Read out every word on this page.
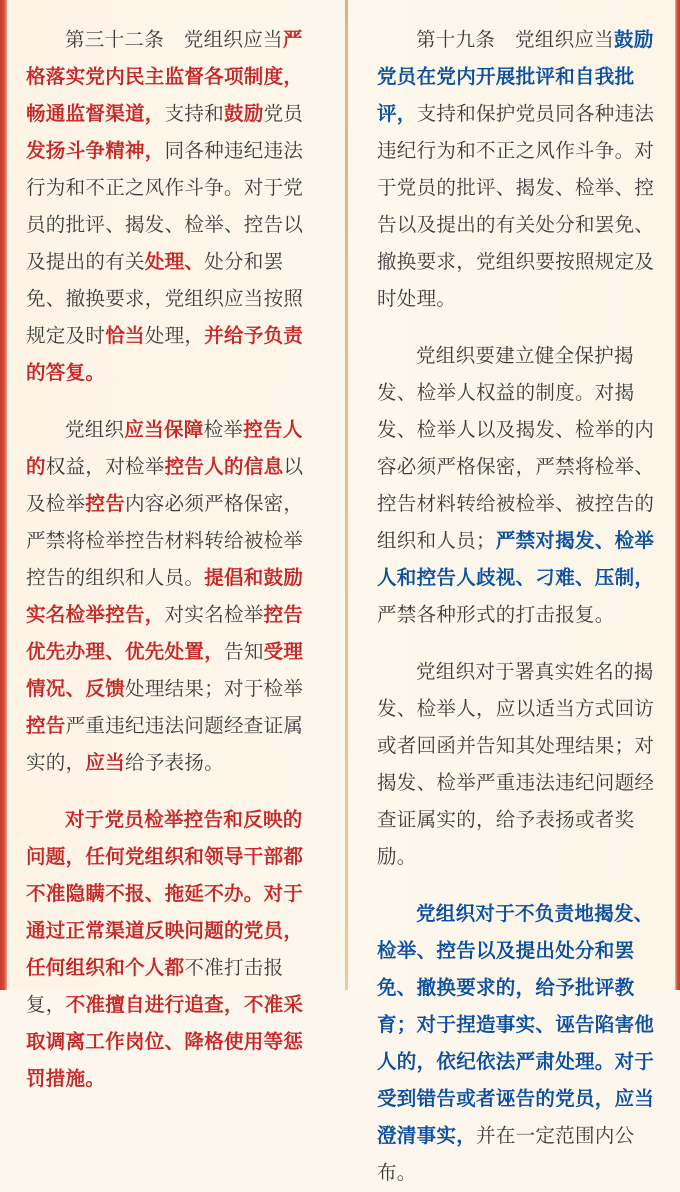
第三十二条　党组织应当严格落实党内民主监督各项制度，畅通监督渠道，支持和鼓励党员发扬斗争精神，同各种违纪违法行为和不正之风作斗争。对于党员的批评、揭发、检举、控告以及提出的有关处理、处分和罢免、撤换要求，党组织应当按照规定及时恰当处理，并给予负责的答复。

党组织应当保障检举控告人的权益，对检举控告人的信息以及检举控告内容必须严格保密，严禁将检举控告材料转给被检举控告的组织和人员。提倡和鼓励实名检举控告，对实名检举控告优先办理、优先处置，告知受理情况、反馈处理结果；对于检举控告严重违纪违法问题经查证属实的，应当给予表扬。

对于党员检举控告和反映的问题，任何党组织和领导干部都不准隐瞒不报、拖延不办。对于通过正常渠道反映问题的党员，任何组织和个人都不准打击报复，不准擅自进行追查，不准采取调离工作岗位、降格使用等惩罚措施。

第十九条　党组织应当鼓励党员在党内开展批评和自我批评，支持和保护党员同各种违法违纪行为和不正之风作斗争。对于党员的批评、揭发、检举、控告以及提出的有关处分和罢免、撤换要求，党组织要按照规定及时处理。

党组织要建立健全保护揭发、检举人权益的制度。对揭发、检举人以及揭发、检举的内容必须严格保密，严禁将检举、控告材料转给被检举、被控告的组织和人员；严禁对揭发、检举人和控告人歧视、刁难、压制，严禁各种形式的打击报复。

党组织对于署真实姓名的揭发、检举人，应以适当方式回访或者回函并告知其处理结果；对揭发、检举严重违法违纪问题经查证属实的，给予表扬或者奖励。

党组织对于不负责地揭发、检举、控告以及提出处分和罢免、撤换要求的，给予批评教育；对于捏造事实、诬告陷害他人的，依纪依法严肃处理。对于受到错告或者诬告的党员，应当澄清事实，并在一定范围内公布。
